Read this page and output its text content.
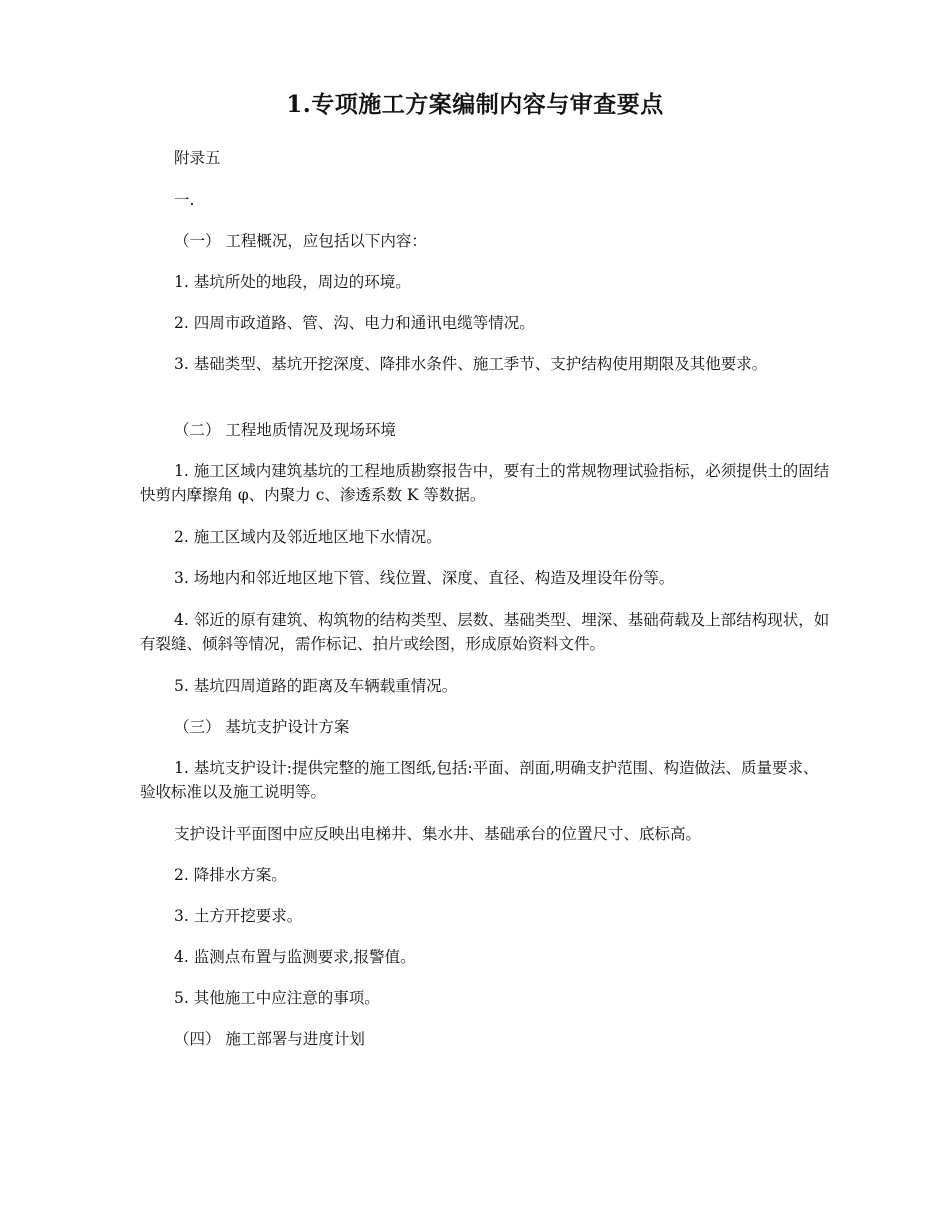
1.专项施工方案编制内容与审查要点
附录五
一.
（一） 工程概况，应包括以下内容：
1. 基坑所处的地段，周边的环境。
2. 四周市政道路、管、沟、电力和通讯电缆等情况。
3. 基础类型、基坑开挖深度、降排水条件、施工季节、支护结构使用期限及其他要求。
（二） 工程地质情况及现场环境
1. 施工区域内建筑基坑的工程地质勘察报告中，要有土的常规物理试验指标，必须提供土的固结快剪内摩擦角 φ、内聚力 c、渗透系数 K 等数据。
2. 施工区域内及邻近地区地下水情况。
3. 场地内和邻近地区地下管、线位置、深度、直径、构造及埋设年份等。
4. 邻近的原有建筑、构筑物的结构类型、层数、基础类型、埋深、基础荷载及上部结构现状，如有裂缝、倾斜等情况，需作标记、拍片或绘图，形成原始资料文件。
5. 基坑四周道路的距离及车辆载重情况。
（三） 基坑支护设计方案
1. 基坑支护设计:提供完整的施工图纸,包括:平面、剖面,明确支护范围、构造做法、质量要求、验收标准以及施工说明等。
支护设计平面图中应反映出电梯井、集水井、基础承台的位置尺寸、底标高。
2. 降排水方案。
3. 土方开挖要求。
4. 监测点布置与监测要求,报警值。
5. 其他施工中应注意的事项。
（四） 施工部署与进度计划
